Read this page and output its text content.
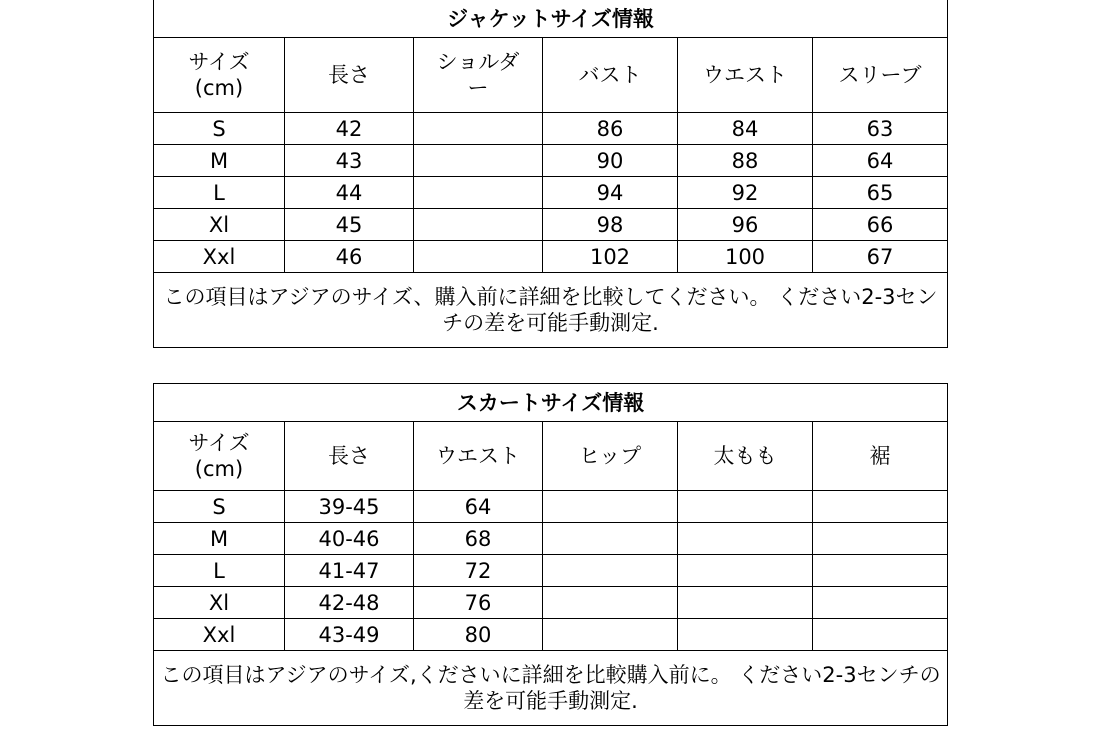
ジャケットサイズ情報					

サイズ
(cm)	長さ	ショルダー	バスト	ウエスト	スリーブ
S	42		86	84	63
M	43		90	88	64
L	44		94	92	65
Xl	45		98	96	66
Xxl	46		102	100	67
この項目はアジアのサイズ、購入前に詳細を比較してください。 ください2-3センチの差を可能手動測定.					
スカートサイズ情報					

サイズ
(cm)	長さ	ウエスト	ヒップ	太もも	裾
S	39-45	64			
M	40-46	68			
L	41-47	72			
Xl	42-48	76			
Xxl	43-49	80			
この項目はアジアのサイズ,くださいに詳細を比較購入前に。 ください2-3センチの差を可能手動測定.					
